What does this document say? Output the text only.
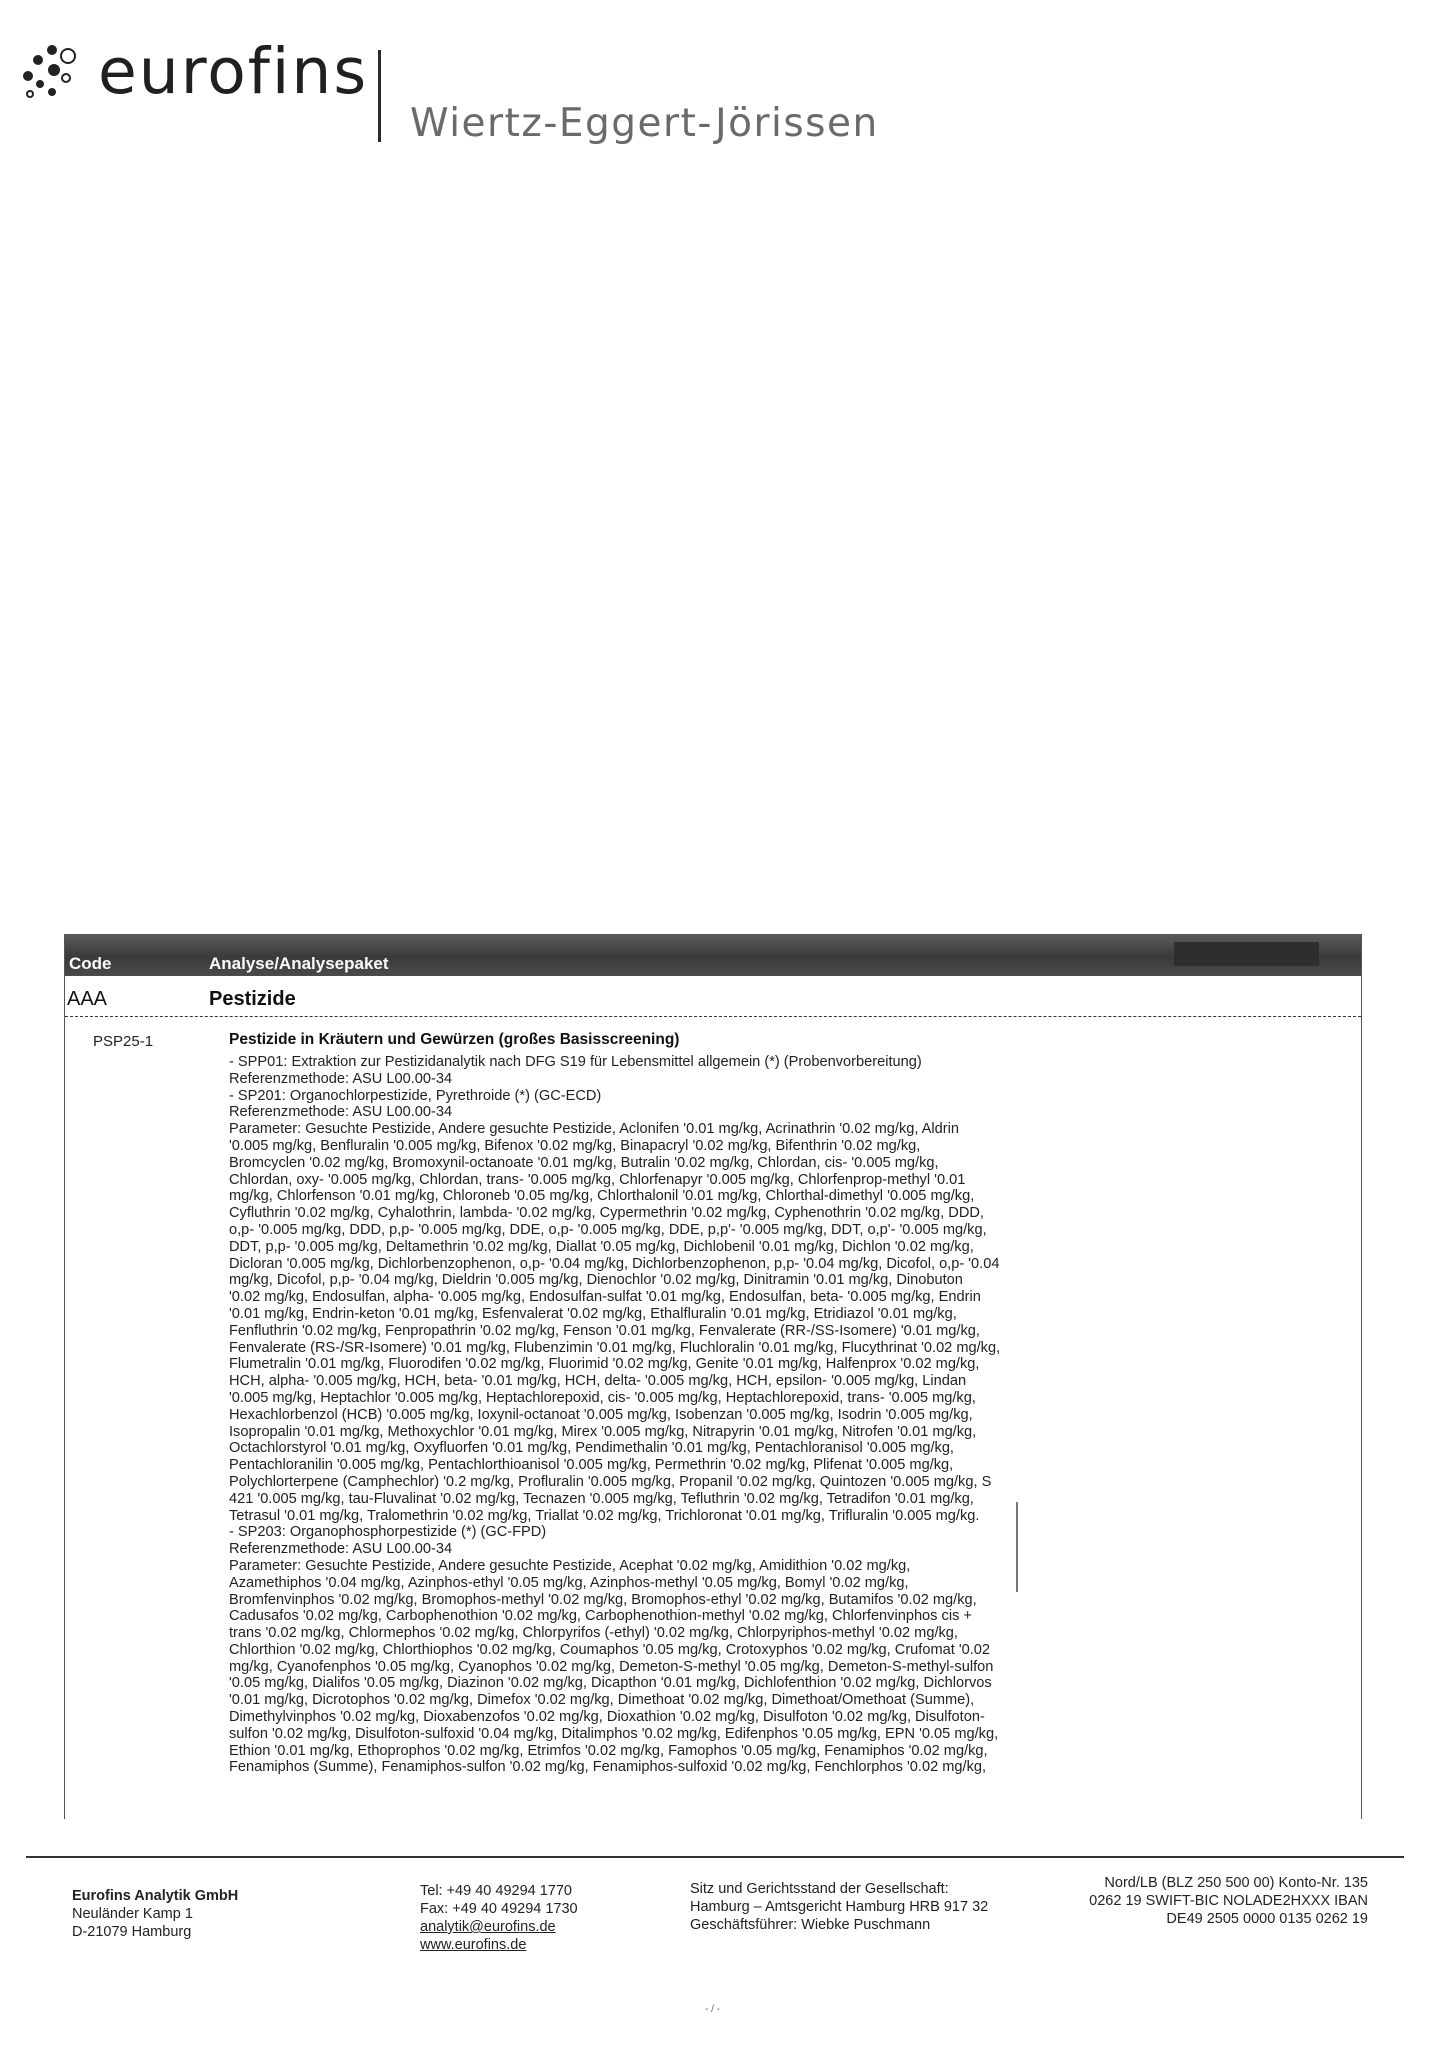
eurofins
Wiertz-Eggert-Jörissen
Code	Analyse/Analysepaket
AAA	Pestizide
PSP25-1	Pestizide in Kräutern und Gewürzen (großes Basisscreening)

- SPP01: Extraktion zur Pestizidanalytik nach DFG S19 für Lebensmittel allgemein (*) (Probenvorbereitung)

Referenzmethode: ASU L00.00-34

- SP201: Organochlorpestizide, Pyrethroide (*) (GC-ECD)

Referenzmethode: ASU L00.00-34

Parameter: Gesuchte Pestizide, Andere gesuchte Pestizide, Aclonifen '0.01 mg/kg, Acrinathrin '0.02 mg/kg, Aldrin

'0.005 mg/kg, Benfluralin '0.005 mg/kg, Bifenox '0.02 mg/kg, Binapacryl '0.02 mg/kg, Bifenthrin '0.02 mg/kg,

Bromcyclen '0.02 mg/kg, Bromoxynil-octanoate '0.01 mg/kg, Butralin '0.02 mg/kg, Chlordan, cis- '0.005 mg/kg,

Chlordan, oxy- '0.005 mg/kg, Chlordan, trans- '0.005 mg/kg, Chlorfenapyr '0.005 mg/kg, Chlorfenprop-methyl '0.01

mg/kg, Chlorfenson '0.01 mg/kg, Chloroneb '0.05 mg/kg, Chlorthalonil '0.01 mg/kg, Chlorthal-dimethyl '0.005 mg/kg,

Cyfluthrin '0.02 mg/kg, Cyhalothrin, lambda- '0.02 mg/kg, Cypermethrin '0.02 mg/kg, Cyphenothrin '0.02 mg/kg, DDD,

o,p- '0.005 mg/kg, DDD, p,p- '0.005 mg/kg, DDE, o,p- '0.005 mg/kg, DDE, p,p'- '0.005 mg/kg, DDT, o,p'- '0.005 mg/kg,

DDT, p,p- '0.005 mg/kg, Deltamethrin '0.02 mg/kg, Diallat '0.05 mg/kg, Dichlobenil '0.01 mg/kg, Dichlon '0.02 mg/kg,

Dicloran '0.005 mg/kg, Dichlorbenzophenon, o,p- '0.04 mg/kg, Dichlorbenzophenon, p,p- '0.04 mg/kg, Dicofol, o,p- '0.04

mg/kg, Dicofol, p,p- '0.04 mg/kg, Dieldrin '0.005 mg/kg, Dienochlor '0.02 mg/kg, Dinitramin '0.01 mg/kg, Dinobuton

'0.02 mg/kg, Endosulfan, alpha- '0.005 mg/kg, Endosulfan-sulfat '0.01 mg/kg, Endosulfan, beta- '0.005 mg/kg, Endrin

'0.01 mg/kg, Endrin-keton '0.01 mg/kg, Esfenvalerat '0.02 mg/kg, Ethalfluralin '0.01 mg/kg, Etridiazol '0.01 mg/kg,

Fenfluthrin '0.02 mg/kg, Fenpropathrin '0.02 mg/kg, Fenson '0.01 mg/kg, Fenvalerate (RR-/SS-Isomere) '0.01 mg/kg,

Fenvalerate (RS-/SR-Isomere) '0.01 mg/kg, Flubenzimin '0.01 mg/kg, Fluchloralin '0.01 mg/kg, Flucythrinat '0.02 mg/kg,

Flumetralin '0.01 mg/kg, Fluorodifen '0.02 mg/kg, Fluorimid '0.02 mg/kg, Genite '0.01 mg/kg, Halfenprox '0.02 mg/kg,

HCH, alpha- '0.005 mg/kg, HCH, beta- '0.01 mg/kg, HCH, delta- '0.005 mg/kg, HCH, epsilon- '0.005 mg/kg, Lindan

'0.005 mg/kg, Heptachlor '0.005 mg/kg, Heptachlorepoxid, cis- '0.005 mg/kg, Heptachlorepoxid, trans- '0.005 mg/kg,

Hexachlorbenzol (HCB) '0.005 mg/kg, Ioxynil-octanoat '0.005 mg/kg, Isobenzan '0.005 mg/kg, Isodrin '0.005 mg/kg,

Isopropalin '0.01 mg/kg, Methoxychlor '0.01 mg/kg, Mirex '0.005 mg/kg, Nitrapyrin '0.01 mg/kg, Nitrofen '0.01 mg/kg,

Octachlorstyrol '0.01 mg/kg, Oxyfluorfen '0.01 mg/kg, Pendimethalin '0.01 mg/kg, Pentachloranisol '0.005 mg/kg,

Pentachloranilin '0.005 mg/kg, Pentachlorthioanisol '0.005 mg/kg, Permethrin '0.02 mg/kg, Plifenat '0.005 mg/kg,

Polychlorterpene (Camphechlor) '0.2 mg/kg, Profluralin '0.005 mg/kg, Propanil '0.02 mg/kg, Quintozen '0.005 mg/kg, S

421 '0.005 mg/kg, tau-Fluvalinat '0.02 mg/kg, Tecnazen '0.005 mg/kg, Tefluthrin '0.02 mg/kg, Tetradifon '0.01 mg/kg,

Tetrasul '0.01 mg/kg, Tralomethrin '0.02 mg/kg, Triallat '0.02 mg/kg, Trichloronat '0.01 mg/kg, Trifluralin '0.005 mg/kg.

- SP203: Organophosphorpestizide (*) (GC-FPD)

Referenzmethode: ASU L00.00-34

Parameter: Gesuchte Pestizide, Andere gesuchte Pestizide, Acephat '0.02 mg/kg, Amidithion '0.02 mg/kg,

Azamethiphos '0.04 mg/kg, Azinphos-ethyl '0.05 mg/kg, Azinphos-methyl '0.05 mg/kg, Bomyl '0.02 mg/kg,

Bromfenvinphos '0.02 mg/kg, Bromophos-methyl '0.02 mg/kg, Bromophos-ethyl '0.02 mg/kg, Butamifos '0.02 mg/kg,

Cadusafos '0.02 mg/kg, Carbophenothion '0.02 mg/kg, Carbophenothion-methyl '0.02 mg/kg, Chlorfenvinphos cis +

trans '0.02 mg/kg, Chlormephos '0.02 mg/kg, Chlorpyrifos (-ethyl) '0.02 mg/kg, Chlorpyriphos-methyl '0.02 mg/kg,

Chlorthion '0.02 mg/kg, Chlorthiophos '0.02 mg/kg, Coumaphos '0.05 mg/kg, Crotoxyphos '0.02 mg/kg, Crufomat '0.02

mg/kg, Cyanofenphos '0.05 mg/kg, Cyanophos '0.02 mg/kg, Demeton-S-methyl '0.05 mg/kg, Demeton-S-methyl-sulfon

'0.05 mg/kg, Dialifos '0.05 mg/kg, Diazinon '0.02 mg/kg, Dicapthon '0.01 mg/kg, Dichlofenthion '0.02 mg/kg, Dichlorvos

'0.01 mg/kg, Dicrotophos '0.02 mg/kg, Dimefox '0.02 mg/kg, Dimethoat '0.02 mg/kg, Dimethoat/Omethoat (Summe),

Dimethylvinphos '0.02 mg/kg, Dioxabenzofos '0.02 mg/kg, Dioxathion '0.02 mg/kg, Disulfoton '0.02 mg/kg, Disulfoton-

sulfon '0.02 mg/kg, Disulfoton-sulfoxid '0.04 mg/kg, Ditalimphos '0.02 mg/kg, Edifenphos '0.05 mg/kg, EPN '0.05 mg/kg,

Ethion '0.01 mg/kg, Ethoprophos '0.02 mg/kg, Etrimfos '0.02 mg/kg, Famophos '0.05 mg/kg, Fenamiphos '0.02 mg/kg,

Fenamiphos (Summe), Fenamiphos-sulfon '0.02 mg/kg, Fenamiphos-sulfoxid '0.02 mg/kg, Fenchlorphos '0.02 mg/kg,

Eurofins Analytik GmbH

Neuländer Kamp 1

D-21079 Hamburg

Tel: +49 40 49294 1770

Fax: +49 40 49294 1730

analytik@eurofins.de

www.eurofins.de

Sitz und Gerichtsstand der Gesellschaft:

Hamburg – Amtsgericht Hamburg HRB 917 32

Geschäftsführer: Wiebke Puschmann

Nord/LB (BLZ 250 500 00) Konto-Nr. 135

0262 19 SWIFT-BIC NOLADE2HXXX IBAN

DE49 2505 0000 0135 0262 19

- / -
